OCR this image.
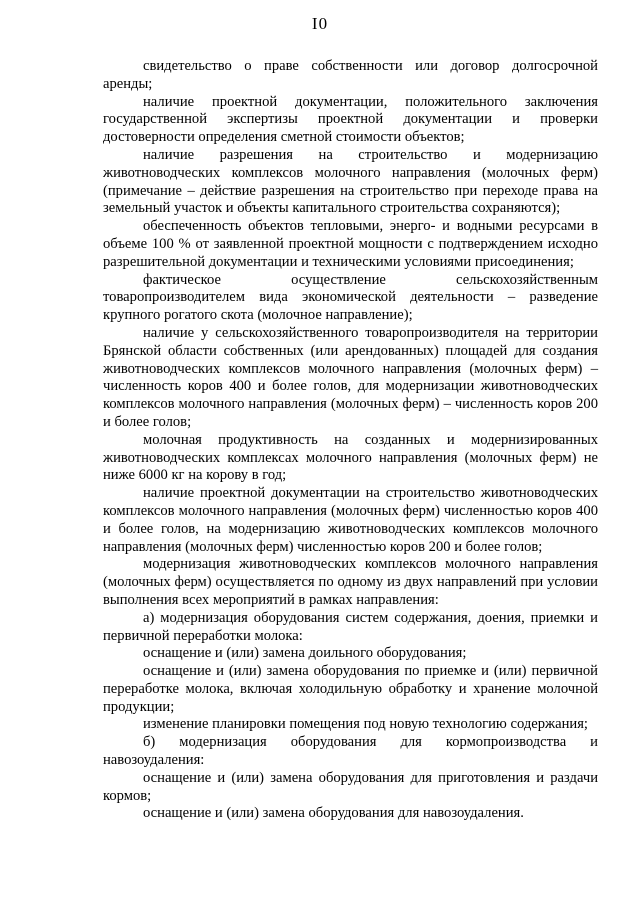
I0

свидетельство о праве собственности или договор долгосрочной аренды;

наличие проектной документации, положительного заключения государственной экспертизы проектной документации и проверки достоверности определения сметной стоимости объектов;

наличие разрешения на строительство и модернизацию животноводческих комплексов молочного направления (молочных ферм) (примечание – действие разрешения на строительство при переходе права на земельный участок и объекты капитального строительства сохраняются);

обеспеченность объектов тепловыми, энерго- и водными ресурсами в объеме 100 % от заявленной проектной мощности с подтверждением исходно разрешительной документации и техническими условиями присоединения;

фактическое осуществление сельскохозяйственным товаропроизводителем вида экономической деятельности – разведение крупного рогатого скота (молочное направление);

наличие у сельскохозяйственного товаропроизводителя на территории Брянской области собственных (или арендованных) площадей для создания животноводческих комплексов молочного направления (молочных ферм) – численность коров 400 и более голов, для модернизации животноводческих комплексов молочного направления (молочных ферм) – численность коров 200 и более голов;

молочная продуктивность на созданных и модернизированных животноводческих комплексах молочного направления (молочных ферм) не ниже 6000 кг на корову в год;

наличие проектной документации на строительство животноводческих комплексов молочного направления (молочных ферм) численностью коров 400 и более голов, на модернизацию животноводческих комплексов молочного направления (молочных ферм) численностью коров 200 и более голов;

модернизация животноводческих комплексов молочного направления (молочных ферм) осуществляется по одному из двух направлений при условии выполнения всех мероприятий в рамках направления:

а) модернизация оборудования систем содержания, доения, приемки и первичной переработки молока:

оснащение и (или) замена доильного оборудования;

оснащение и (или) замена оборудования по приемке и (или) первичной переработке молока, включая холодильную обработку и хранение молочной продукции;

изменение планировки помещения под новую технологию содержания;

б) модернизация оборудования для кормопроизводства и навозоудаления:

оснащение и (или) замена оборудования для приготовления и раздачи кормов;

оснащение и (или) замена оборудования для навозоудаления.
